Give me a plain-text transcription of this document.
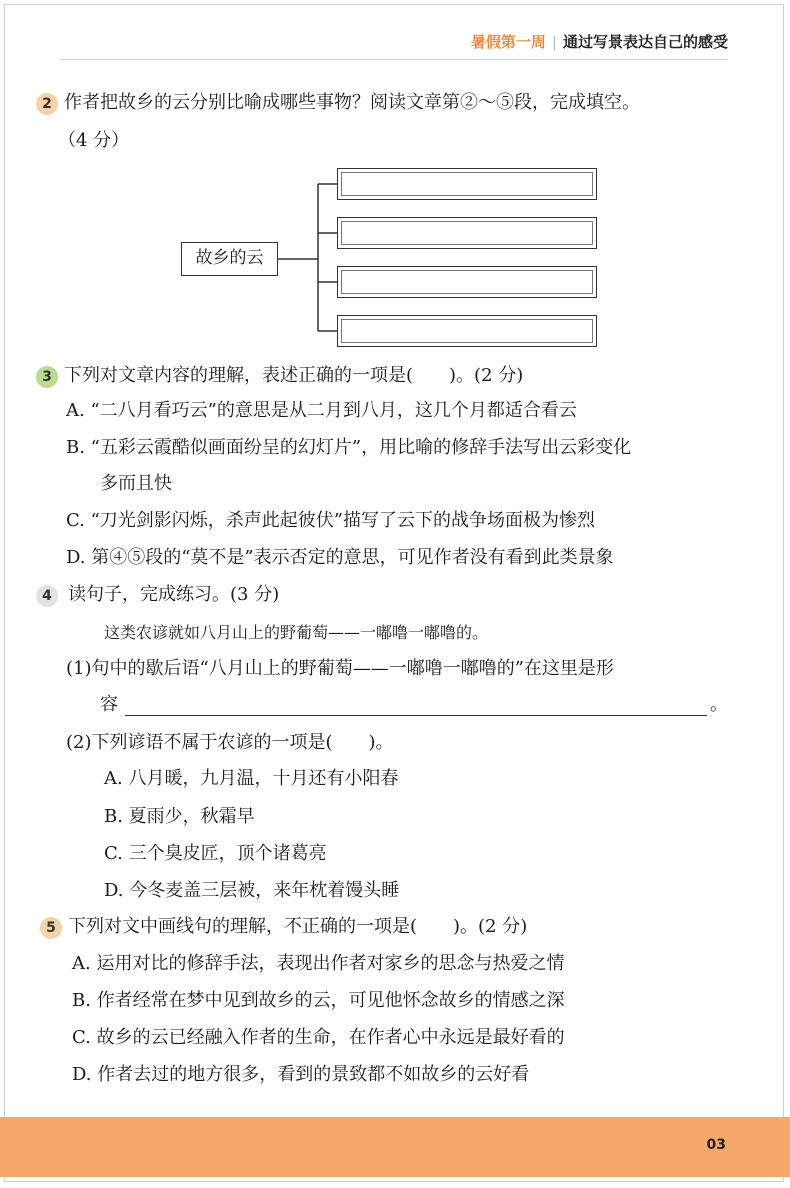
暑假第一周 | 通过写景表达自己的感受
2 作者把故乡的云分别比喻成哪些事物？阅读文章第②～⑤段，完成填空。
（4 分）
故乡的云
3 下列对文章内容的理解，表述正确的一项是(　　)。(2 分)
A. “二八月看巧云”的意思是从二月到八月，这几个月都适合看云
B. “五彩云霞酷似画面纷呈的幻灯片”，用比喻的修辞手法写出云彩变化
多而且快
C. “刀光剑影闪烁，杀声此起彼伏”描写了云下的战争场面极为惨烈
D. 第④⑤段的“莫不是”表示否定的意思，可见作者没有看到此类景象
4 读句子，完成练习。(3 分)
这类农谚就如八月山上的野葡萄——一嘟噜一嘟噜的。
(1)句中的歇后语“八月山上的野葡萄——一嘟噜一嘟噜的”在这里是形
容	。
(2)下列谚语不属于农谚的一项是(　　)。
A. 八月暖，九月温，十月还有小阳春
B. 夏雨少，秋霜早
C. 三个臭皮匠，顶个诸葛亮
D. 今冬麦盖三层被，来年枕着馒头睡
5 下列对文中画线句的理解，不正确的一项是(　　)。(2 分)
A. 运用对比的修辞手法，表现出作者对家乡的思念与热爱之情
B. 作者经常在梦中见到故乡的云，可见他怀念故乡的情感之深
C. 故乡的云已经融入作者的生命，在作者心中永远是最好看的
D. 作者去过的地方很多，看到的景致都不如故乡的云好看
03
